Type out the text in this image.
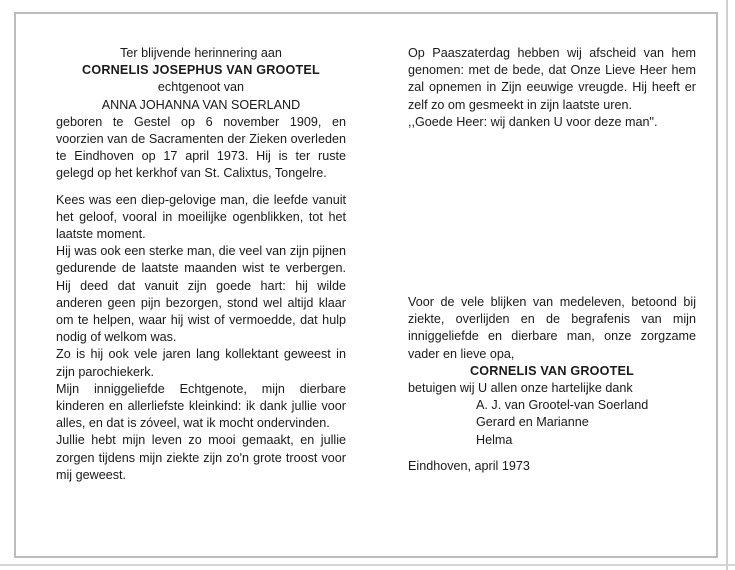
Ter blijvende herinnering aan
CORNELIS JOSEPHUS VAN GROOTEL
echtgenoot van
ANNA JOHANNA VAN SOERLAND

geboren te Gestel op 6 november 1909, en voorzien van de Sacramenten der Zieken overleden te Eindhoven op 17 april 1973. Hij is ter ruste gelegd op het kerkhof van St. Calixtus, Tongelre.

Kees was een diep-gelovige man, die leefde vanuit het geloof, vooral in moeilijke ogenblikken, tot het laatste moment.

Hij was ook een sterke man, die veel van zijn pijnen gedurende de laatste maanden wist te verbergen. Hij deed dat vanuit zijn goede hart: hij wilde anderen geen pijn bezorgen, stond wel altijd klaar om te helpen, waar hij wist of vermoedde, dat hulp nodig of welkom was.

Zo is hij ook vele jaren lang kollektant geweest in zijn parochiekerk.

Mijn inniggeliefde Echtgenote, mijn dierbare kinderen en allerliefste kleinkind: ik dank jullie voor alles, en dat is zóveel, wat ik mocht ondervinden.

Jullie hebt mijn leven zo mooi gemaakt, en jullie zorgen tijdens mijn ziekte zijn zo'n grote troost voor mij geweest.

Op Paaszaterdag hebben wij afscheid van hem genomen: met de bede, dat Onze Lieve Heer hem zal opnemen in Zijn eeuwige vreugde. Hij heeft er zelf zo om gesmeekt in zijn laatste uren.

,,Goede Heer: wij danken U voor deze man".

Voor de vele blijken van medeleven, betoond bij ziekte, overlijden en de begrafenis van mijn inniggeliefde en dierbare man, onze zorgzame vader en lieve opa,

CORNELIS VAN GROOTEL
betuigen wij U allen onze hartelijke dank
A. J. van Grootel-van Soerland
Gerard en Marianne
Helma
Eindhoven, april 1973
